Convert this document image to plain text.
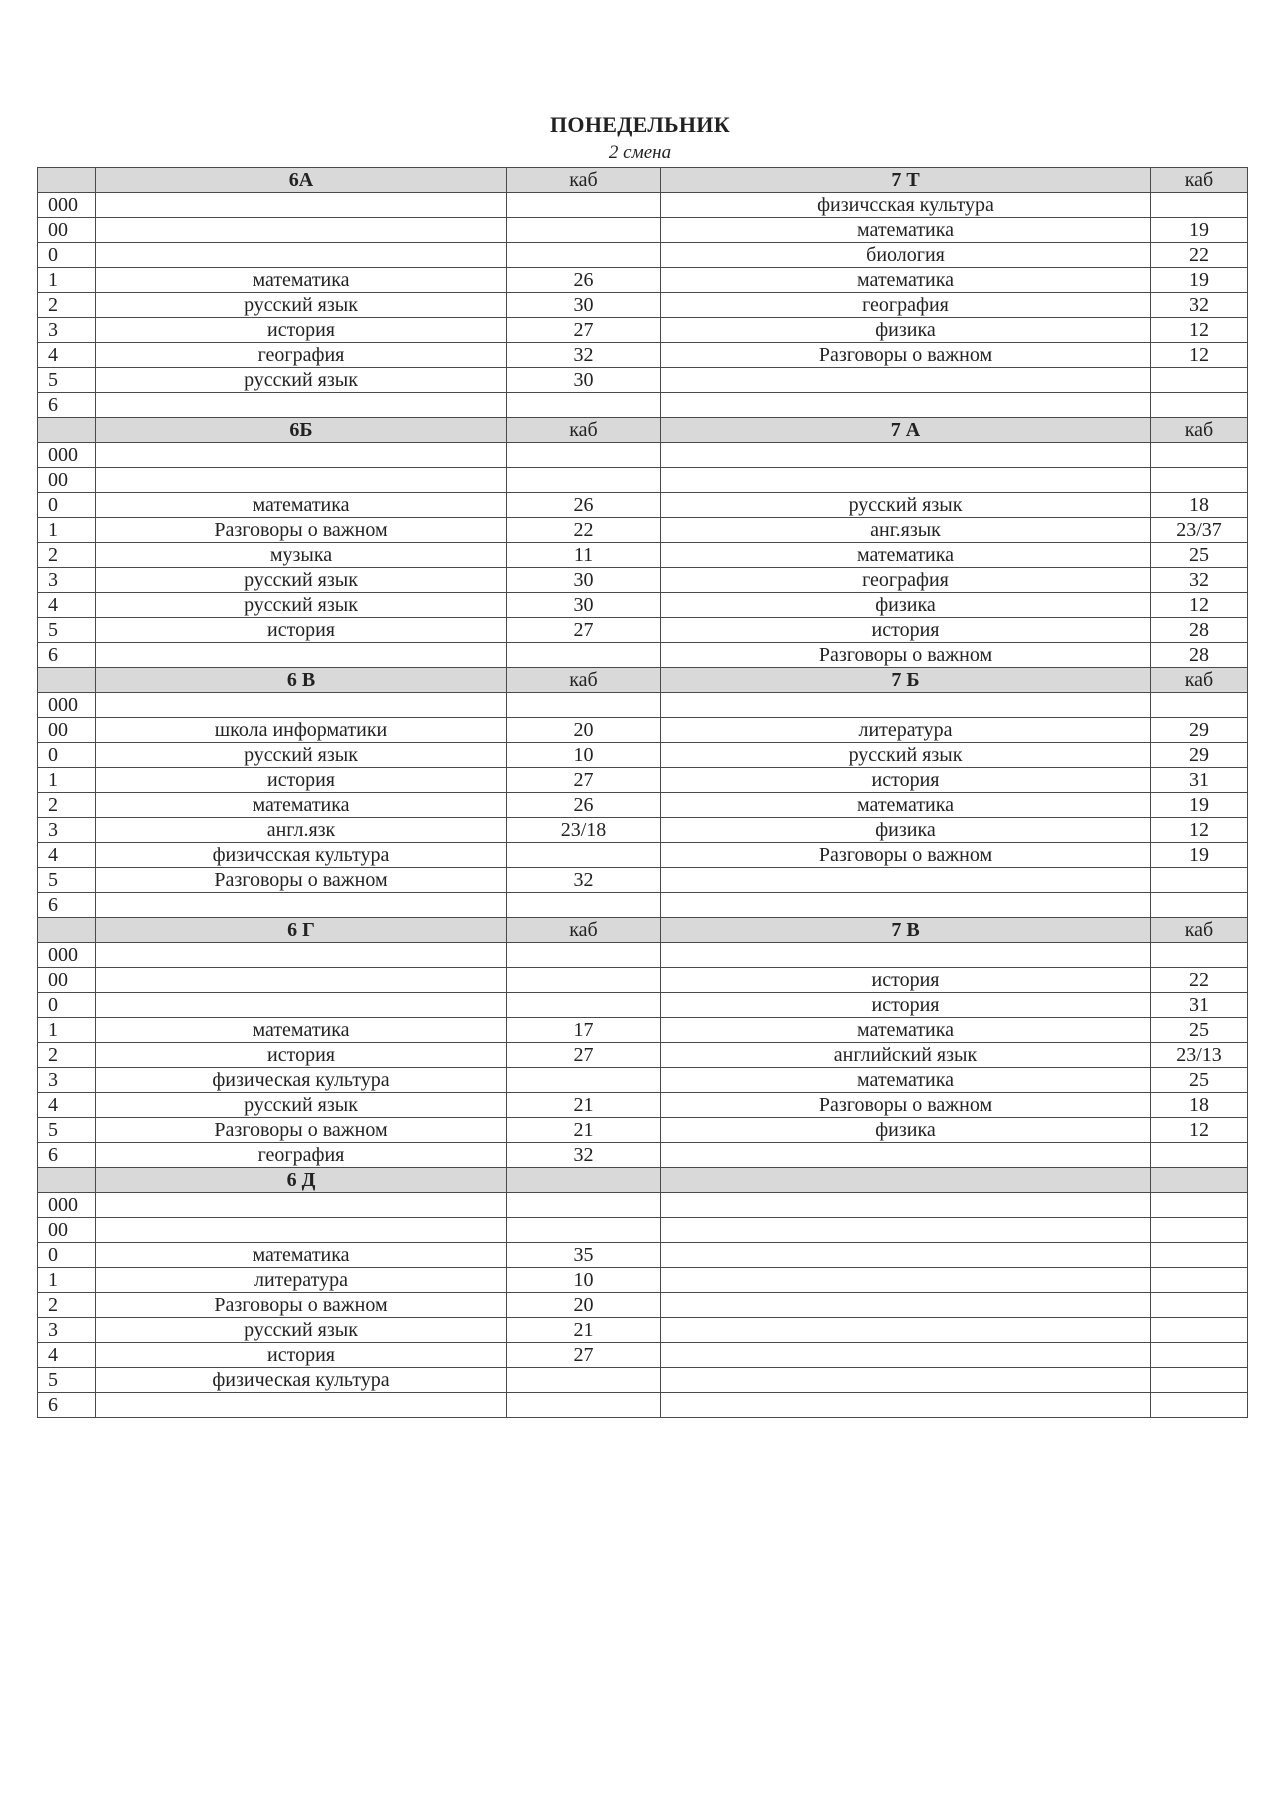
ПОНЕДЕЛЬНИК
2 смена
	6А	каб	7 Т	каб
000			физичсская культура	
00			математика	19
0			биология	22
1	математика	26	математика	19
2	русский язык	30	география	32
3	история	27	физика	12
4	география	32	Разговоры о важном	12
5	русский язык	30		
6				
	6Б	каб	7 А	каб
000				
00				
0	математика	26	русский язык	18
1	Разговоры о важном	22	анг.язык	23/37
2	музыка	11	математика	25
3	русский язык	30	география	32
4	русский язык	30	физика	12
5	история	27	история	28
6			Разговоры о важном	28
	6 В	каб	7 Б	каб
000				
00	школа информатики	20	литература	29
0	русский язык	10	русский язык	29
1	история	27	история	31
2	математика	26	математика	19
3	англ.язк	23/18	физика	12
4	физичсская культура		Разговоры о важном	19
5	Разговоры о важном	32		
6				
	6 Г	каб	7 В	каб
000				
00			история	22
0			история	31
1	математика	17	математика	25
2	история	27	английский язык	23/13
3	физическая культура		математика	25
4	русский язык	21	Разговоры о важном	18
5	Разговоры о важном	21	физика	12
6	география	32		
	6 Д			
000				
00				
0	математика	35		
1	литература	10		
2	Разговоры о важном	20		
3	русский язык	21		
4	история	27		
5	физическая культура			
6				
